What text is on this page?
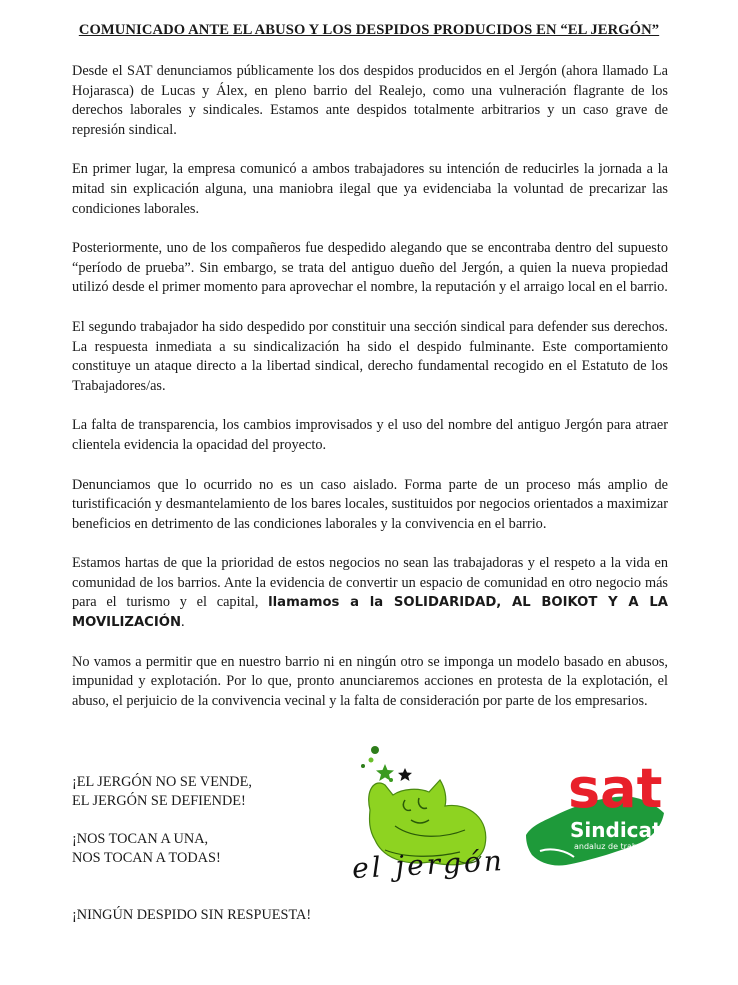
COMUNICADO ANTE EL ABUSO Y LOS DESPIDOS PRODUCIDOS EN “EL JERGÓN”

Desde el SAT denunciamos públicamente los dos despidos producidos en el Jergón (ahora llamado La Hojarasca) de Lucas y Álex, en pleno barrio del Realejo, como una vulneración flagrante de los derechos laborales y sindicales. Estamos ante despidos totalmente arbitrarios y un caso grave de represión sindical.

En primer lugar, la empresa comunicó a ambos trabajadores su intención de reducirles la jornada a la mitad sin explicación alguna, una maniobra ilegal que ya evidenciaba la voluntad de precarizar las condiciones laborales.

Posteriormente, uno de los compañeros fue despedido alegando que se encontraba dentro del supuesto “período de prueba”. Sin embargo, se trata del antiguo dueño del Jergón, a quien la nueva propiedad utilizó desde el primer momento para aprovechar el nombre, la reputación y el arraigo local en el barrio.

El segundo trabajador ha sido despedido por constituir una sección sindical para defender sus derechos. La respuesta inmediata a su sindicalización ha sido el despido fulminante. Este comportamiento constituye un ataque directo a la libertad sindical, derecho fundamental recogido en el Estatuto de los Trabajadores/as.

La falta de transparencia, los cambios improvisados y el uso del nombre del antiguo Jergón para atraer clientela evidencia la opacidad del proyecto.

Denunciamos que lo ocurrido no es un caso aislado. Forma parte de un proceso más amplio de turistificación y desmantelamiento de los bares locales, sustituidos por negocios orientados a maximizar beneficios en detrimento de las condiciones laborales y la convivencia en el barrio.

Estamos hartas de que la prioridad de estos negocios no sean las trabajadoras y el respeto a la vida en comunidad de los barrios. Ante la evidencia de convertir un espacio de comunidad en otro negocio más para el turismo y el capital, llamamos a la SOLIDARIDAD, AL BOIKOT Y A LA MOVILIZACIÓN.

No vamos a permitir que en nuestro barrio ni en ningún otro se imponga un modelo basado en abusos, impunidad y explotación. Por lo que, pronto anunciaremos acciones en protesta de la explotación, el abuso, el perjuicio de la convivencia vecinal y la falta de consideración por parte de los empresarios.

¡EL JERGÓN NO SE VENDE,
EL JERGÓN SE DEFIENDE!
¡NOS TOCAN A UNA,
NOS TOCAN A TODAS!
¡NINGÚN DESPIDO SIN RESPUESTA!
el jergón
sat
Sindicato
andaluz de trabajadores/as
